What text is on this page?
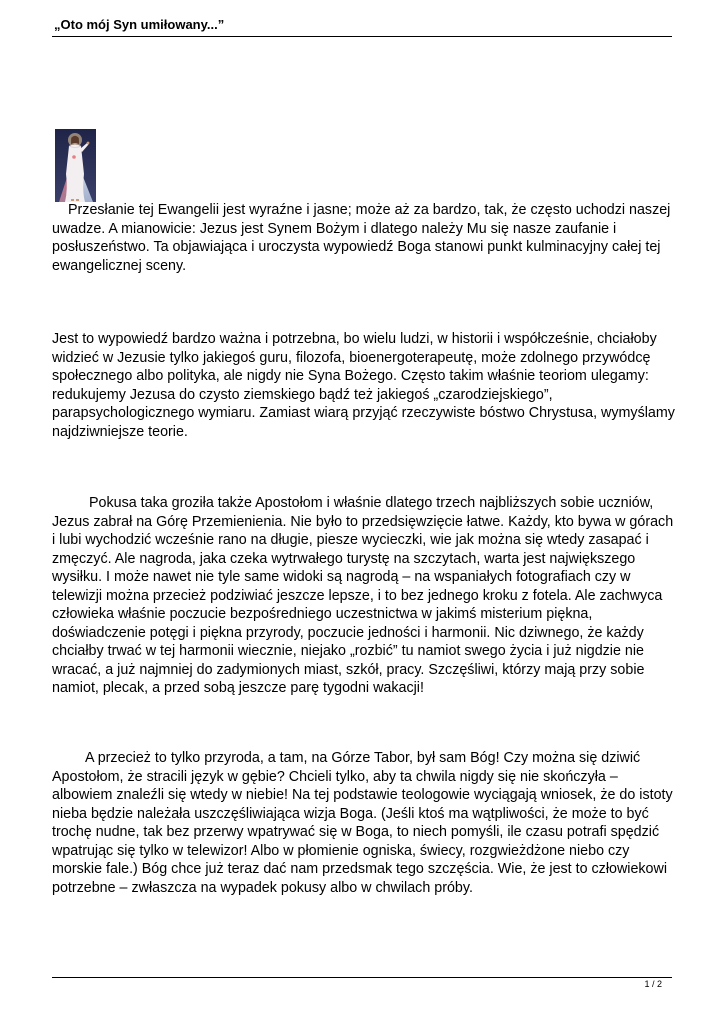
„Oto mój Syn umiłowany...”

Przesłanie tej Ewangelii jest wyraźne i jasne; może aż za bardzo, tak, że często uchodzi naszej uwadze. A mianowicie: Jezus jest Synem Bożym i dlatego należy Mu się nasze zaufanie i posłuszeństwo. Ta objawiająca i uroczysta wypowiedź Boga stanowi punkt kulminacyjny całej tej ewangelicznej sceny.

Jest to wypowiedź bardzo ważna i potrzebna, bo wielu ludzi, w historii i współcześnie, chciałoby widzieć w Jezusie tylko jakiegoś guru, filozofa, bioenergoterapeutę, może zdolnego przywódcę społecznego albo polityka, ale nigdy nie Syna Bożego. Często takim właśnie teoriom ulegamy: redukujemy Jezusa do czysto ziemskiego bądź też jakiegoś „czarodziejskiego”, parapsychologicznego wymiaru. Zamiast wiarą przyjąć rzeczywiste bóstwo Chrystusa, wymyślamy najdziwniejsze teorie.

Pokusa taka groziła także Apostołom i właśnie dlatego trzech najbliższych sobie uczniów, Jezus zabrał na Górę Przemienienia. Nie było to przedsięwzięcie łatwe. Każdy, kto bywa w górach i lubi wychodzić wcześnie rano na długie, piesze wycieczki, wie jak można się wtedy zasapać i zmęczyć. Ale nagroda, jaka czeka wytrwałego turystę na szczytach, warta jest największego wysiłku. I może nawet nie tyle same widoki są nagrodą – na wspaniałych fotografiach czy w telewizji można przecież podziwiać jeszcze lepsze, i to bez jednego kroku z fotela. Ale zachwyca człowieka właśnie poczucie bezpośredniego uczestnictwa w jakimś misterium piękna, doświadczenie potęgi i piękna przyrody, poczucie jedności i harmonii. Nic dziwnego, że każdy chciałby trwać w tej harmonii wiecznie, niejako „rozbić” tu namiot swego życia i już nigdzie nie wracać, a już najmniej do zadymionych miast, szkół, pracy. Szczęśliwi, którzy mają przy sobie namiot, plecak, a przed sobą jeszcze parę tygodni wakacji!

A przecież to tylko przyroda, a tam, na Górze Tabor, był sam Bóg! Czy można się dziwić Apostołom, że stracili język w gębie? Chcieli tylko, aby ta chwila nigdy się nie skończyła – albowiem znaleźli się wtedy w niebie! Na tej podstawie teologowie wyciągają wniosek, że do istoty nieba będzie należała uszczęśliwiająca wizja Boga. (Jeśli ktoś ma wątpliwości, że może to być trochę nudne, tak bez przerwy wpatrywać się w Boga, to niech pomyśli, ile czasu potrafi spędzić wpatrując się tylko w telewizor! Albo w płomienie ogniska, świecy, rozgwieżdżone niebo czy morskie fale.) Bóg chce już teraz dać nam przedsmak tego szczęścia. Wie, że jest to człowiekowi potrzebne – zwłaszcza na wypadek pokusy albo w chwilach próby.

1 / 2
